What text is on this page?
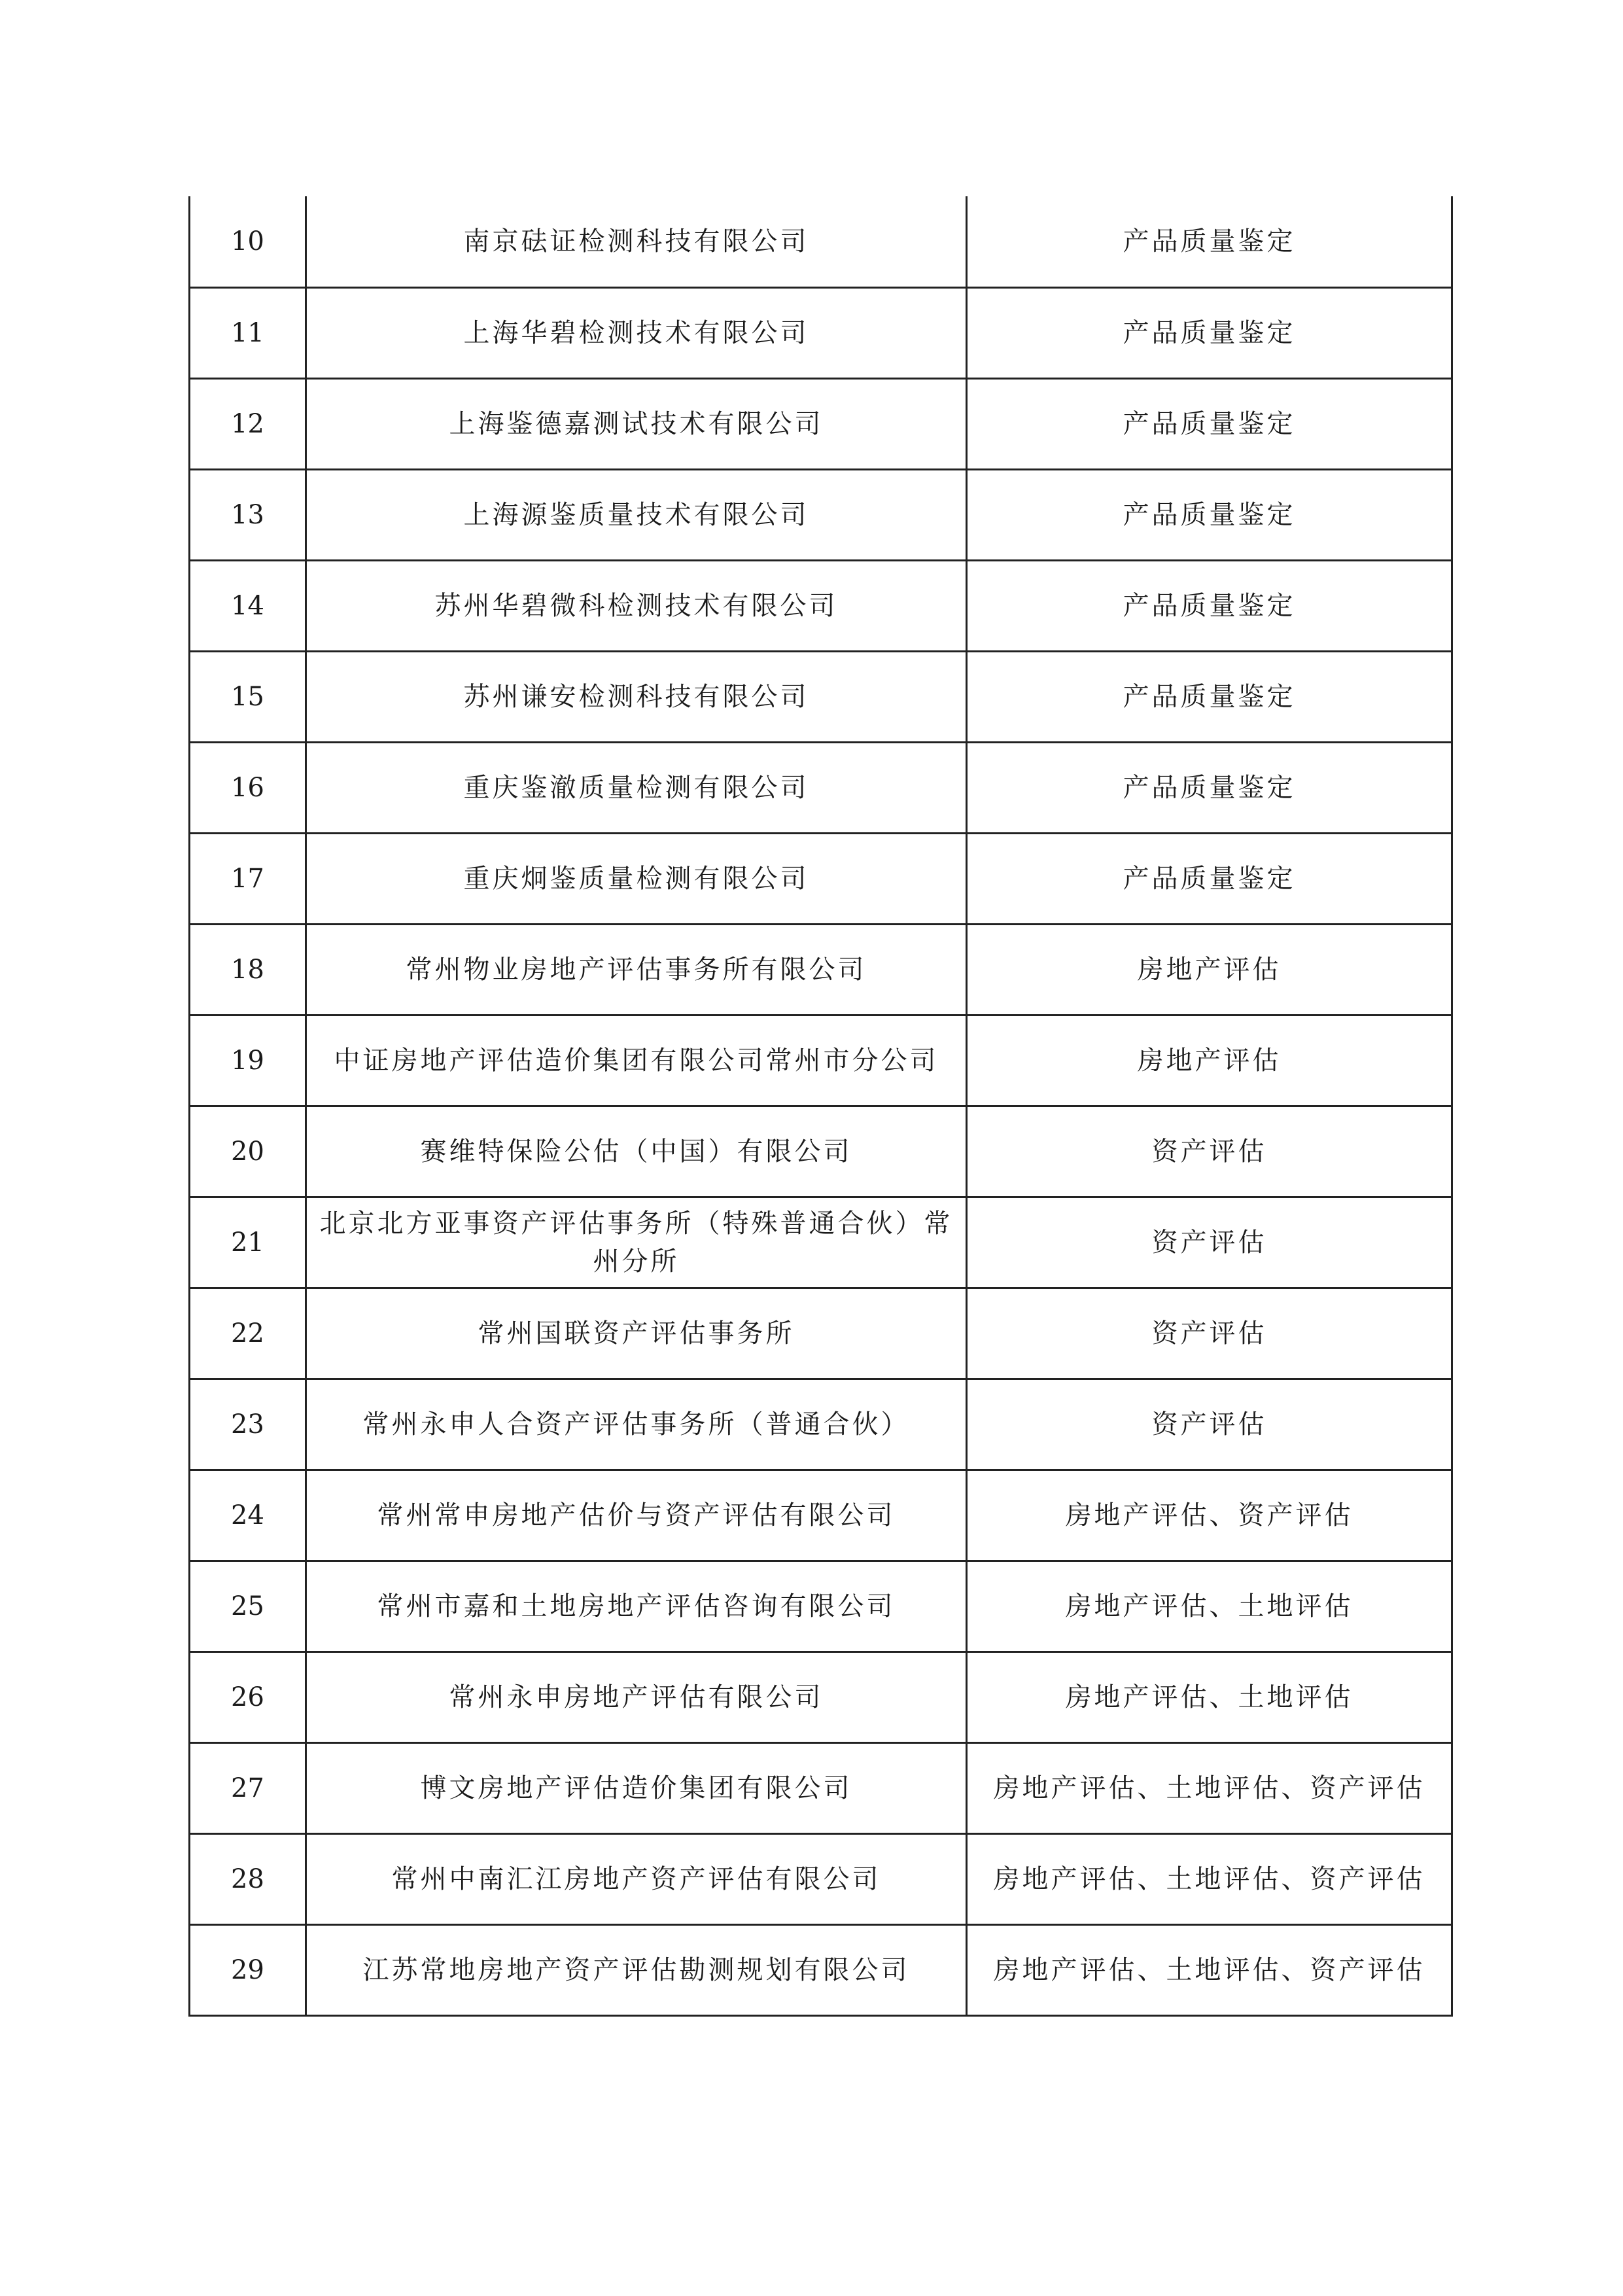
10	南京砝证检测科技有限公司	产品质量鉴定
11	上海华碧检测技术有限公司	产品质量鉴定
12	上海鉴德嘉测试技术有限公司	产品质量鉴定
13	上海源鉴质量技术有限公司	产品质量鉴定
14	苏州华碧微科检测技术有限公司	产品质量鉴定
15	苏州谦安检测科技有限公司	产品质量鉴定
16	重庆鉴澈质量检测有限公司	产品质量鉴定
17	重庆炯鉴质量检测有限公司	产品质量鉴定
18	常州物业房地产评估事务所有限公司	房地产评估
19	中证房地产评估造价集团有限公司常州市分公司	房地产评估
20	赛维特保险公估（中国）有限公司	资产评估
21	北京北方亚事资产评估事务所（特殊普通合伙）常州分所	资产评估
22	常州国联资产评估事务所	资产评估
23	常州永申人合资产评估事务所（普通合伙）	资产评估
24	常州常申房地产估价与资产评估有限公司	房地产评估、资产评估
25	常州市嘉和土地房地产评估咨询有限公司	房地产评估、土地评估
26	常州永申房地产评估有限公司	房地产评估、土地评估
27	博文房地产评估造价集团有限公司	房地产评估、土地评估、资产评估
28	常州中南汇江房地产资产评估有限公司	房地产评估、土地评估、资产评估
29	江苏常地房地产资产评估勘测规划有限公司	房地产评估、土地评估、资产评估
